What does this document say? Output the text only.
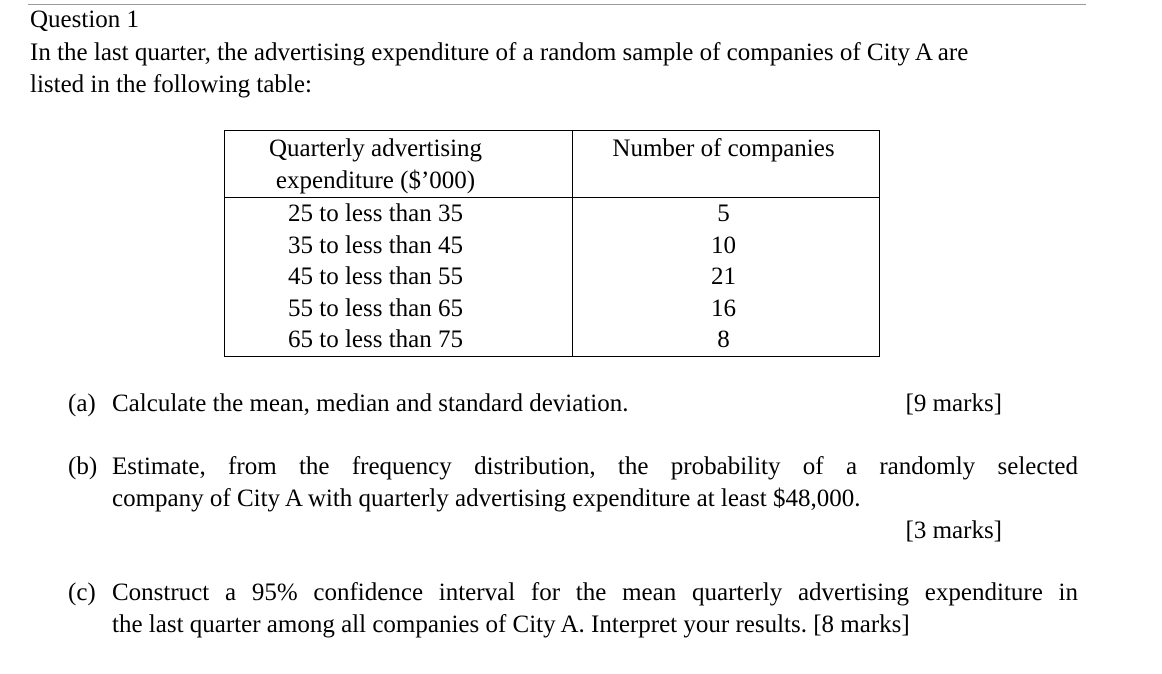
Question 1
In the last quarter, the advertising expenditure of a random sample of companies of City A are
listed in the following table:
Quarterly advertising
expenditure ($’000)	Number of companies
25 to less than 35	5
35 to less than 45	10
45 to less than 55	21
55 to less than 65	16
65 to less than 75	8
(a) Calculate the mean, median and standard deviation.	[9 marks]
(b) Estimate, from the frequency distribution, the probability of a randomly selected
company of City A with quarterly advertising expenditure at least $48,000.
[3 marks]
(c) Construct a 95% confidence interval for the mean quarterly advertising expenditure in
the last quarter among all companies of City A. Interpret your results. [8 marks]
